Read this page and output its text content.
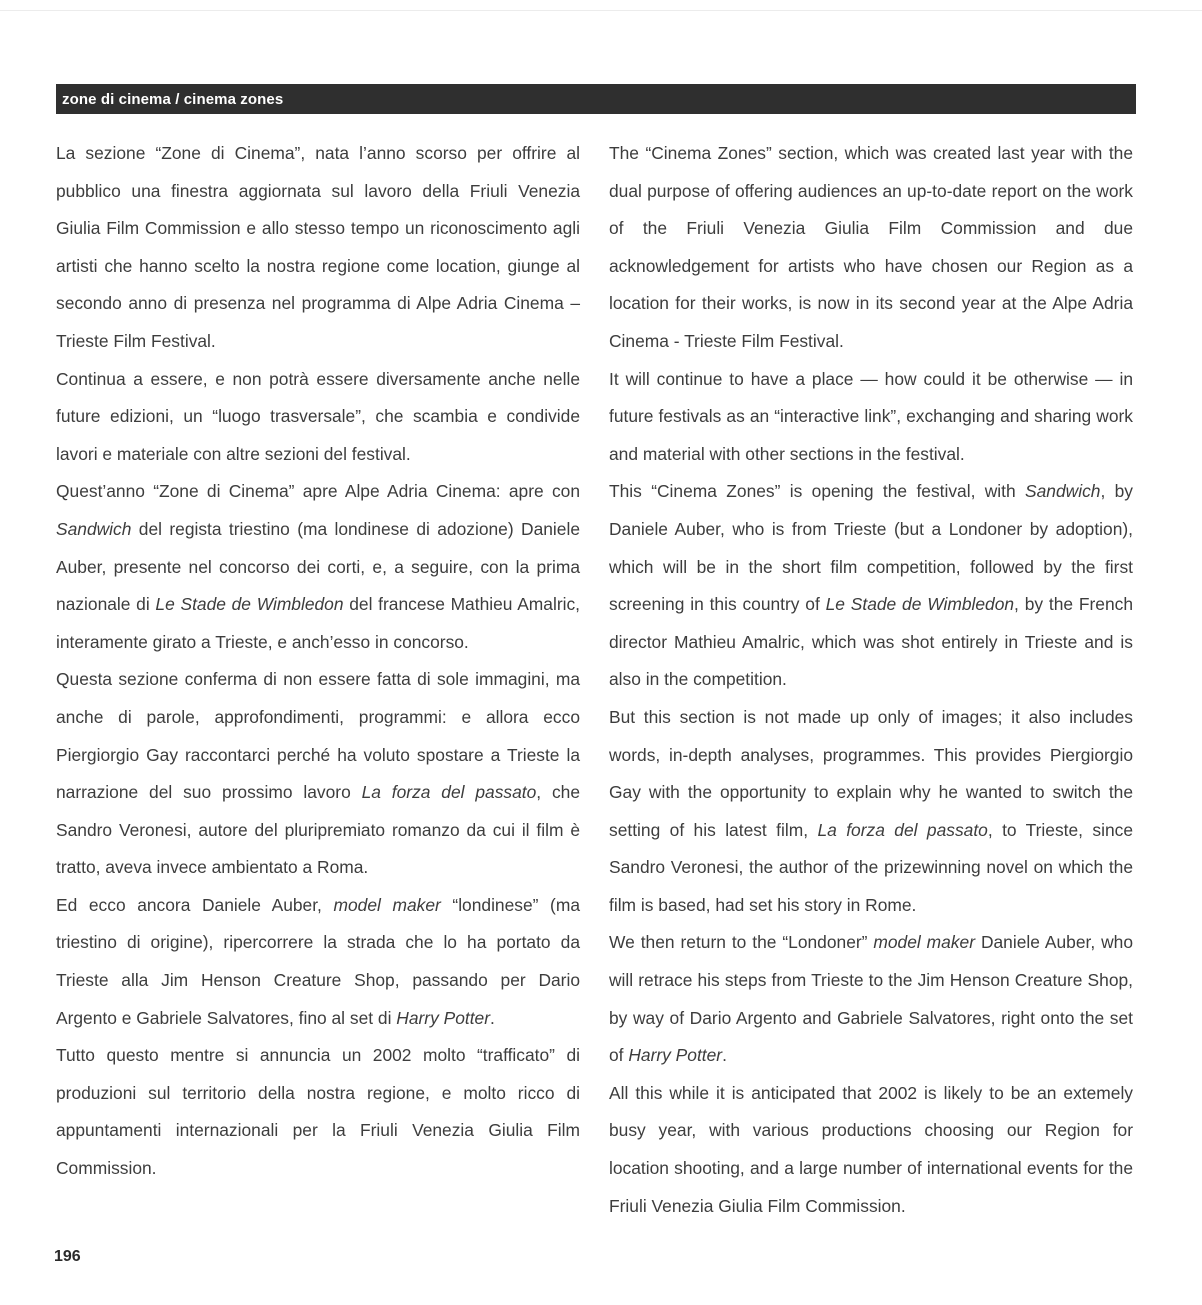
zone di cinema / cinema zones

La sezione “Zone di Cinema”, nata l’anno scorso per offrire al pubblico una finestra aggiornata sul lavoro della Friuli Venezia Giulia Film Commission e allo stesso tempo un riconoscimento agli artisti che hanno scelto la nostra regione come location, giunge al secondo anno di presenza nel programma di Alpe Adria Cinema – Trieste Film Festival.

Continua a essere, e non potrà essere diversamente anche nelle future edizioni, un “luogo trasversale”, che scambia e condivide lavori e materiale con altre sezioni del festival.

Quest’anno “Zone di Cinema” apre Alpe Adria Cinema: apre con Sandwich del regista triestino (ma londinese di adozione) Daniele Auber, presente nel concorso dei corti, e, a seguire, con la prima nazionale di Le Stade de Wimbledon del francese Mathieu Amalric, interamente girato a Trieste, e anch’esso in concorso.

Questa sezione conferma di non essere fatta di sole immagini, ma anche di parole, approfondimenti, programmi: e allora ecco Piergiorgio Gay raccontarci perché ha voluto spostare a Trieste la narrazione del suo prossimo lavoro La forza del passato, che Sandro Veronesi, autore del pluripremiato romanzo da cui il film è tratto, aveva invece ambientato a Roma.

Ed ecco ancora Daniele Auber, model maker “londinese” (ma triestino di origine), ripercorrere la strada che lo ha portato da Trieste alla Jim Henson Creature Shop, passando per Dario Argento e Gabriele Salvatores, fino al set di Harry Potter.

Tutto questo mentre si annuncia un 2002 molto “trafficato” di produzioni sul territorio della nostra regione, e molto ricco di appuntamenti internazionali per la Friuli Venezia Giulia Film Commission.

The “Cinema Zones” section, which was created last year with the dual purpose of offering audiences an up-to-date report on the work of the Friuli Venezia Giulia Film Commission and due acknowledgement for artists who have chosen our Region as a location for their works, is now in its second year at the Alpe Adria Cinema - Trieste Film Festival.

It will continue to have a place — how could it be otherwise — in future festivals as an “interactive link”, exchanging and sharing work and material with other sections in the festival.

This “Cinema Zones” is opening the festival, with Sandwich, by Daniele Auber, who is from Trieste (but a Londoner by adoption), which will be in the short film competition, followed by the first screening in this country of Le Stade de Wimbledon, by the French director Mathieu Amalric, which was shot entirely in Trieste and is also in the competition.

But this section is not made up only of images; it also includes words, in-depth analyses, programmes. This provides Piergiorgio Gay with the opportunity to explain why he wanted to switch the setting of his latest film, La forza del passato, to Trieste, since Sandro Veronesi, the author of the prizewinning novel on which the film is based, had set his story in Rome.

We then return to the “Londoner” model maker Daniele Auber, who will retrace his steps from Trieste to the Jim Henson Creature Shop, by way of Dario Argento and Gabriele Salvatores, right onto the set of Harry Potter.

All this while it is anticipated that 2002 is likely to be an extemely busy year, with various productions choosing our Region for location shooting, and a large number of international events for the Friuli Venezia Giulia Film Commission.

196
